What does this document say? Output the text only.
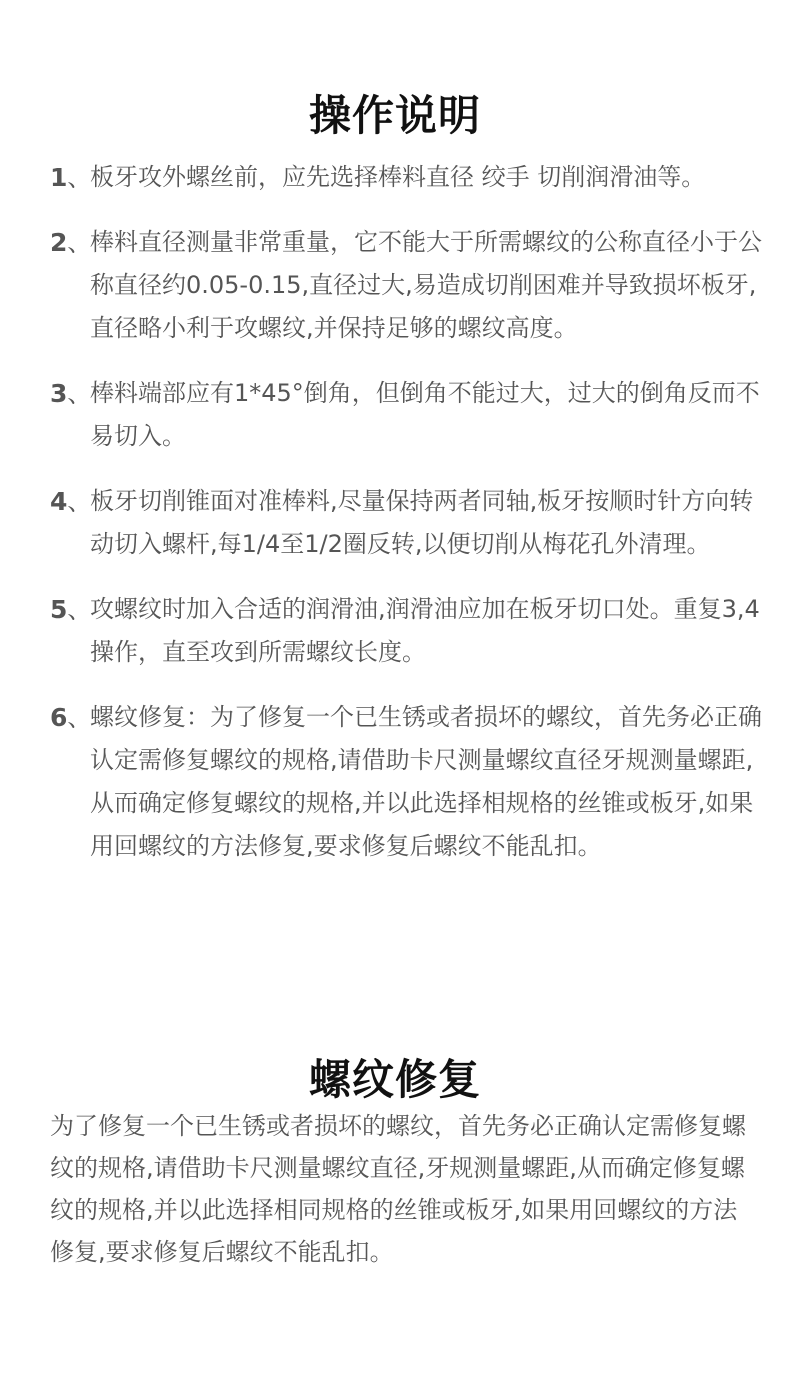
操作说明
1、
板牙攻外螺丝前，应先选择棒料直径 绞手 切削润滑油等。
2、
棒料直径测量非常重量，它不能大于所需螺纹的公称直径小于公称直径约0.05-0.15,直径过大,易造成切削困难并导致损坏板牙,直径略小利于攻螺纹,并保持足够的螺纹高度。
3、
棒料端部应有1*45°倒角，但倒角不能过大，过大的倒角反而不易切入。
4、
板牙切削锥面对准棒料,尽量保持两者同轴,板牙按顺时针方向转动切入螺杆,每1/4至1/2圈反转,以便切削从梅花孔外清理。
5、
攻螺纹时加入合适的润滑油,润滑油应加在板牙切口处。重复3,4操作，直至攻到所需螺纹长度。
6、
螺纹修复：为了修复一个已生锈或者损坏的螺纹，首先务必正确认定需修复螺纹的规格,请借助卡尺测量螺纹直径牙规测量螺距,从而确定修复螺纹的规格,并以此选择相规格的丝锥或板牙,如果用回螺纹的方法修复,要求修复后螺纹不能乱扣。
螺纹修复

为了修复一个已生锈或者损坏的螺纹，首先务必正确认定需修复螺纹的规格,请借助卡尺测量螺纹直径,牙规测量螺距,从而确定修复螺纹的规格,并以此选择相同规格的丝锥或板牙,如果用回螺纹的方法修复,要求修复后螺纹不能乱扣。
